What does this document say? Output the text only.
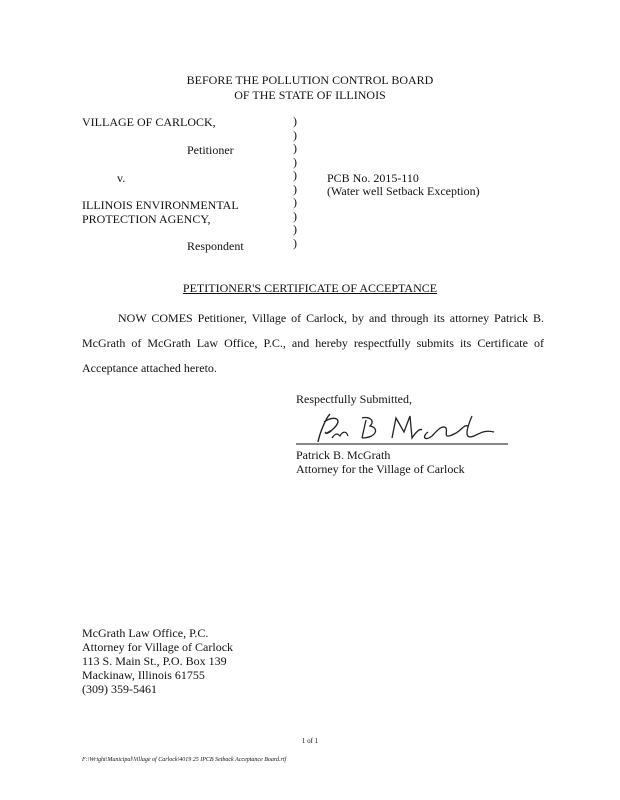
BEFORE THE POLLUTION CONTROL BOARD
OF THE STATE OF ILLINOIS
VILLAGE OF CARLOCK,
Petitioner
v.
ILLINOIS ENVIRONMENTAL
PROTECTION AGENCY,
Respondent
)
)
)
)
)
)
)
)
)
)
PCB No. 2015-110
(Water well Setback Exception)
PETITIONER'S CERTIFICATE OF ACCEPTANCE
NOW COMES Petitioner, Village of Carlock, by and through its attorney Patrick B. McGrath of McGrath Law Office, P.C., and hereby respectfully submits its Certificate of Acceptance attached hereto.
Respectfully Submitted,
Patrick B. McGrath
Attorney for the Village of Carlock
McGrath Law Office, P.C.
Attorney for Village of Carlock
113 S. Main St., P.O. Box 139
Mackinaw, Illinois 61755
(309) 359-5461
1 of 1
F:\Wright\Municipal\Village of Carlock\4019 25 IPCB Setback Acceptance Board.rtf
